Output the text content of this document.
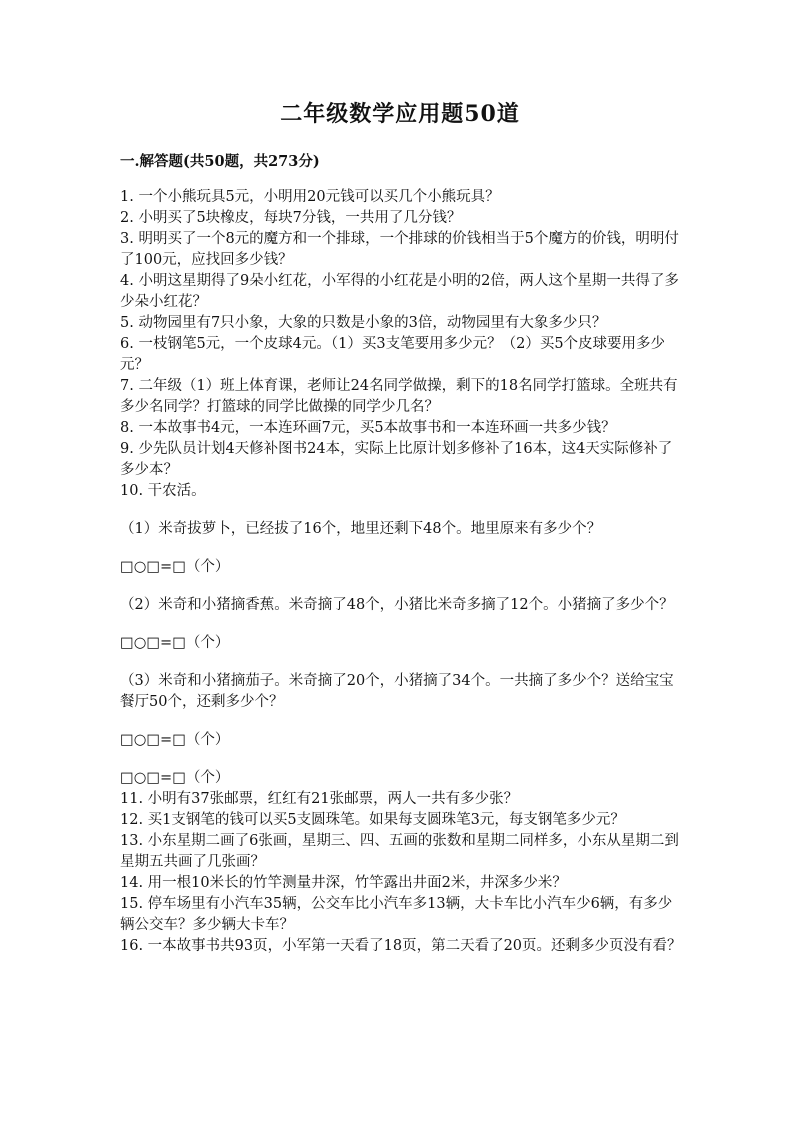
二年级数学应用题50道
一.解答题(共50题，共273分)

1. 一个小熊玩具5元，小明用20元钱可以买几个小熊玩具？

2. 小明买了5块橡皮，每块7分钱，一共用了几分钱？

3. 明明买了一个8元的魔方和一个排球，一个排球的价钱相当于5个魔方的价钱，明明付了100元，应找回多少钱？

4. 小明这星期得了9朵小红花，小军得的小红花是小明的2倍，两人这个星期一共得了多少朵小红花？

5. 动物园里有7只小象，大象的只数是小象的3倍，动物园里有大象多少只？

6. 一枝钢笔5元，一个皮球4元。（1）买3支笔要用多少元？（2）买5个皮球要用多少元？

7. 二年级（1）班上体育课，老师让24名同学做操，剩下的18名同学打篮球。全班共有多少名同学？打篮球的同学比做操的同学少几名？

8. 一本故事书4元，一本连环画7元，买5本故事书和一本连环画一共多少钱？

9. 少先队员计划4天修补图书24本，实际上比原计划多修补了16本，这4天实际修补了多少本？

10. 干农活。

（1）米奇拔萝卜，已经拔了16个，地里还剩下48个。地里原来有多少个？

□○□=□（个）

（2）米奇和小猪摘香蕉。米奇摘了48个，小猪比米奇多摘了12个。小猪摘了多少个？

□○□=□（个）

（3）米奇和小猪摘茄子。米奇摘了20个，小猪摘了34个。一共摘了多少个？送给宝宝餐厅50个，还剩多少个？

□○□=□（个）

□○□=□（个）

11. 小明有37张邮票，红红有21张邮票，两人一共有多少张？

12. 买1支钢笔的钱可以买5支圆珠笔。如果每支圆珠笔3元，每支钢笔多少元？

13. 小东星期二画了6张画，星期三、四、五画的张数和星期二同样多，小东从星期二到星期五共画了几张画？

14. 用一根10米长的竹竿测量井深，竹竿露出井面2米，井深多少米？

15. 停车场里有小汽车35辆，公交车比小汽车多13辆，大卡车比小汽车少6辆，有多少辆公交车？多少辆大卡车？

16. 一本故事书共93页，小军第一天看了18页，第二天看了20页。还剩多少页没有看？
